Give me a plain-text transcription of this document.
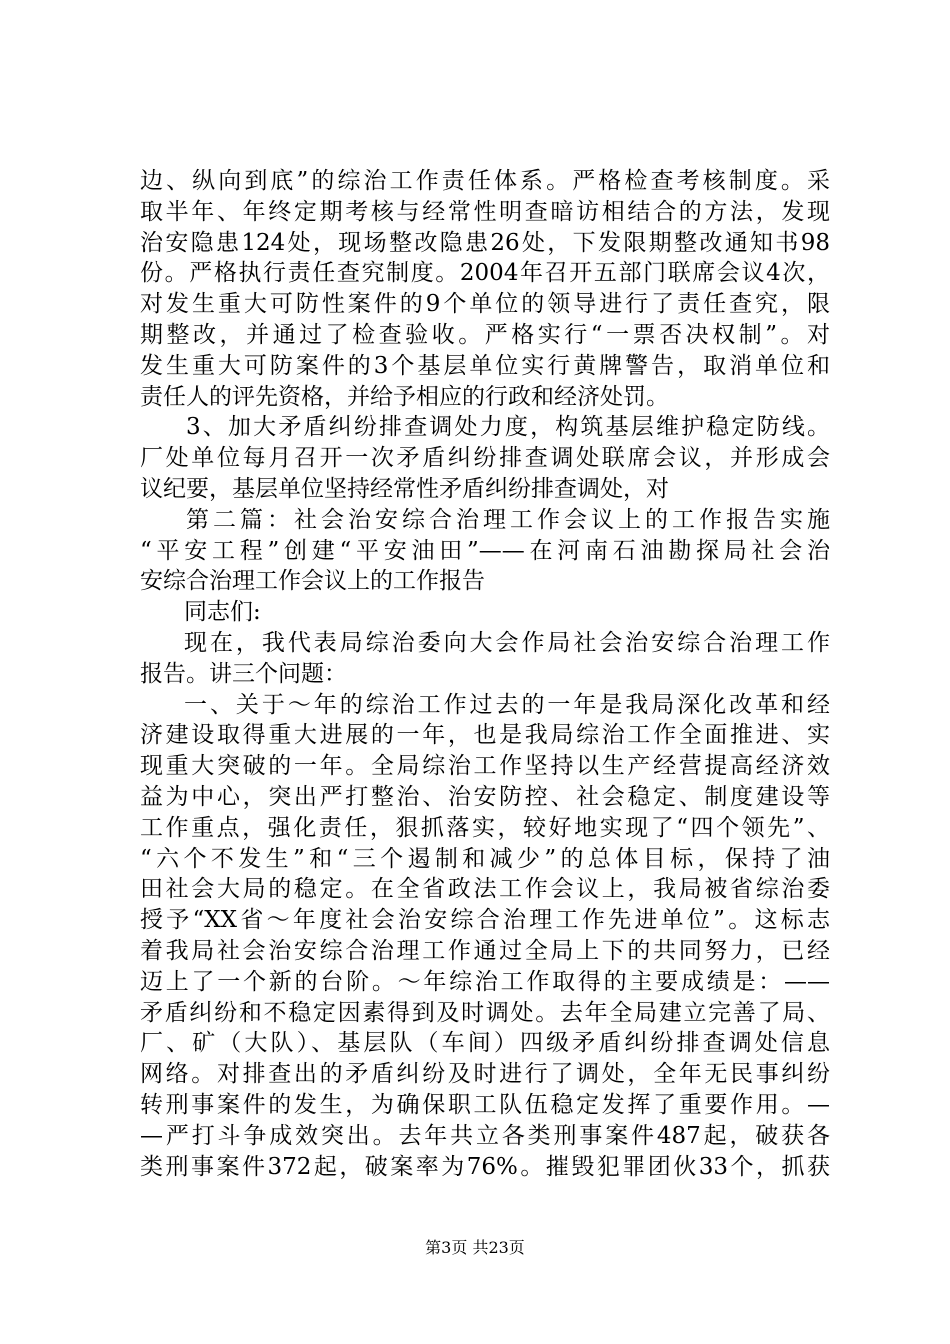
边、纵向到底”的综治工作责任体系。严格检查考核制度。采
取半年、年终定期考核与经常性明查暗访相结合的方法，发现
治安隐患124处，现场整改隐患26处，下发限期整改通知书98
份。严格执行责任查究制度。2004年召开五部门联席会议4次，
对发生重大可防性案件的9个单位的领导进行了责任查究，限
期整改，并通过了检查验收。严格实行“一票否决权制”。对
发生重大可防案件的3个基层单位实行黄牌警告，取消单位和
责任人的评先资格，并给予相应的行政和经济处罚。
3、加大矛盾纠纷排查调处力度，构筑基层维护稳定防线。
厂处单位每月召开一次矛盾纠纷排查调处联席会议，并形成会
议纪要，基层单位坚持经常性矛盾纠纷排查调处，对
第二篇：社会治安综合治理工作会议上的工作报告实施
“平安工程”创建“平安油田”——在河南石油勘探局社会治
安综合治理工作会议上的工作报告
同志们:
现在，我代表局综治委向大会作局社会治安综合治理工作
报告。讲三个问题：
一、关于～年的综治工作过去的一年是我局深化改革和经
济建设取得重大进展的一年，也是我局综治工作全面推进、实
现重大突破的一年。全局综治工作坚持以生产经营提高经济效
益为中心，突出严打整治、治安防控、社会稳定、制度建设等
工作重点，强化责任，狠抓落实，较好地实现了“四个领先”、
“六个不发生”和“三个遏制和减少”的总体目标，保持了油
田社会大局的稳定。在全省政法工作会议上，我局被省综治委
授予“XX省～年度社会治安综合治理工作先进单位”。这标志
着我局社会治安综合治理工作通过全局上下的共同努力，已经
迈上了一个新的台阶。～年综治工作取得的主要成绩是：——
矛盾纠纷和不稳定因素得到及时调处。去年全局建立完善了局、
厂、矿（大队）、基层队（车间）四级矛盾纠纷排查调处信息
网络。对排查出的矛盾纠纷及时进行了调处，全年无民事纠纷
转刑事案件的发生，为确保职工队伍稳定发挥了重要作用。—
—严打斗争成效突出。去年共立各类刑事案件487起，破获各
类刑事案件372起，破案率为76%。摧毁犯罪团伙33个，抓获
第3页 共23页
